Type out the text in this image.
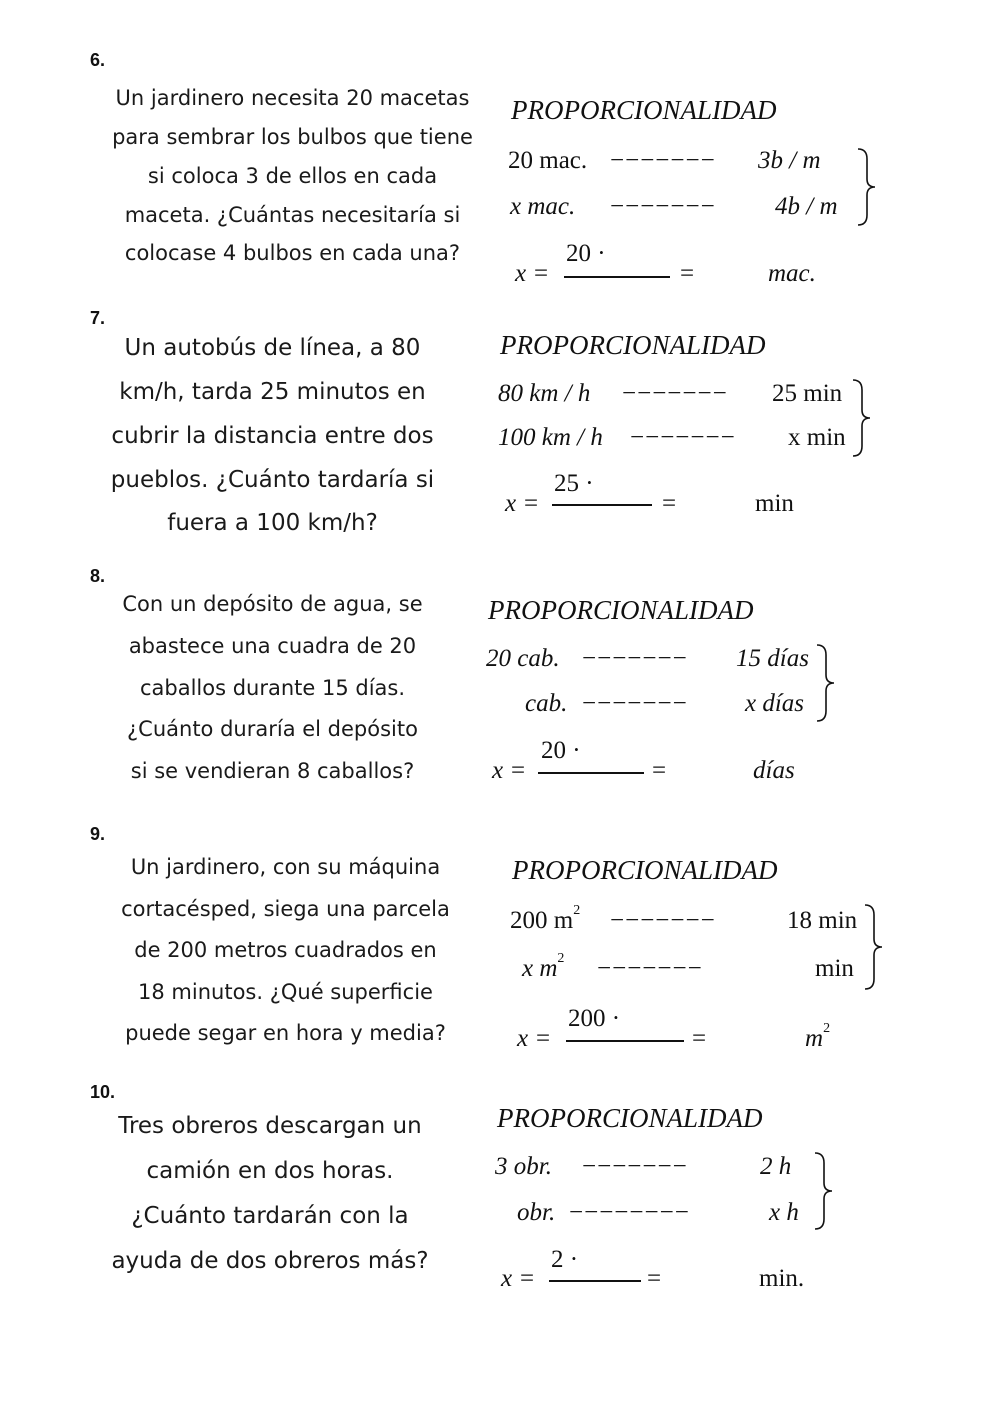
6.
Un jardinero necesita 20 macetas
para sembrar los bulbos que tiene
si coloca 3 de ellos en cada
maceta. ¿Cuántas necesitaría si
colocase 4 bulbos en cada una?
PROPORCIONALIDAD
20 mac. −−−−−−− 3b / m
x mac. −−−−−−− 4b / m
x =
20 ·
=	mac.
7.
Un autobús de línea, a 80
km/h, tarda 25 minutos en
cubrir la distancia entre dos
pueblos. ¿Cuánto tardaría si
fuera a 100 km/h?
PROPORCIONALIDAD
80 km / h −−−−−−− 25 min
100 km / h −−−−−−− x min
x =
25 ·
=	min
8.
Con un depósito de agua, se
abastece una cuadra de 20
caballos durante 15 días.
¿Cuánto duraría el depósito
si se vendieran 8 caballos?
PROPORCIONALIDAD
20 cab. −−−−−−− 15 días
cab. −−−−−−− x días
x =
20 ·
=	días
9.
Un jardinero, con su máquina
cortacésped, siega una parcela
de 200 metros cuadrados en
18 minutos. ¿Qué superficie
puede segar en hora y media?
PROPORCIONALIDAD
200 $m^2$ −−−−−−−	18 min
x $m^2$ −−−−−−−	min
x =
200 ·
=	$m^2$
10.
Tres obreros descargan un
camión en dos horas.
¿Cuánto tardarán con la
ayuda de dos obreros más?
PROPORCIONALIDAD
3 obr. −−−−−−−	2 h
obr. −−−−−−−−	x h
x =
2 ·
=	min.
